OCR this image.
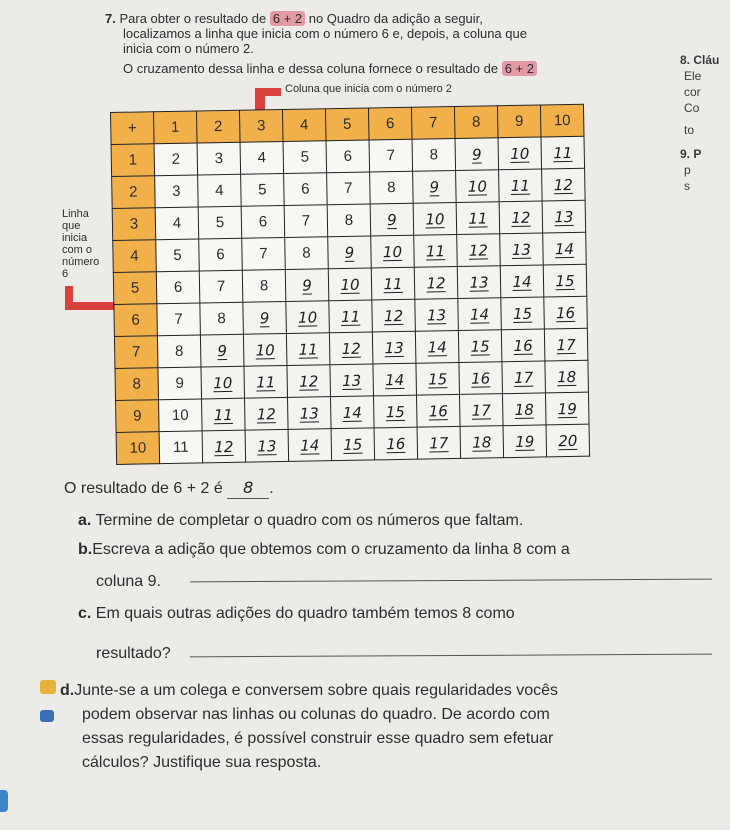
7. Para obter o resultado de 6 + 2 no Quadro da adição a seguir,
localizamos a linha que inicia com o número 6 e, depois, a coluna que
inicia com o número 2.
O cruzamento dessa linha e dessa coluna fornece o resultado de 6 + 2
8. Cláu
Ele
cor
Co
to
9. P
p
s
Coluna que inicia com o número 2
Linha
que
inicia
com o
número
6
+	1	2	3	4	5	6	7	8	9	10
1	2	3	4	5	6	7	8	9	10	11
2	3	4	5	6	7	8	9	10	11	12
3	4	5	6	7	8	9	10	11	12	13
4	5	6	7	8	9	10	11	12	13	14
5	6	7	8	9	10	11	12	13	14	15
6	7	8	9	10	11	12	13	14	15	16
7	8	9	10	11	12	13	14	15	16	17
8	9	10	11	12	13	14	15	16	17	18
9	10	11	12	13	14	15	16	17	18	19
10	11	12	13	14	15	16	17	18	19	20
O resultado de 6 + 2 é 8 .
a. Termine de completar o quadro com os números que faltam.
b.Escreva a adição que obtemos com o cruzamento da linha 8 com a
coluna 9.
c. Em quais outras adições do quadro também temos 8 como
resultado?
d.Junte-se a um colega e conversem sobre quais regularidades vocês
podem observar nas linhas ou colunas do quadro. De acordo com
essas regularidades, é possível construir esse quadro sem efetuar
cálculos? Justifique sua resposta.
